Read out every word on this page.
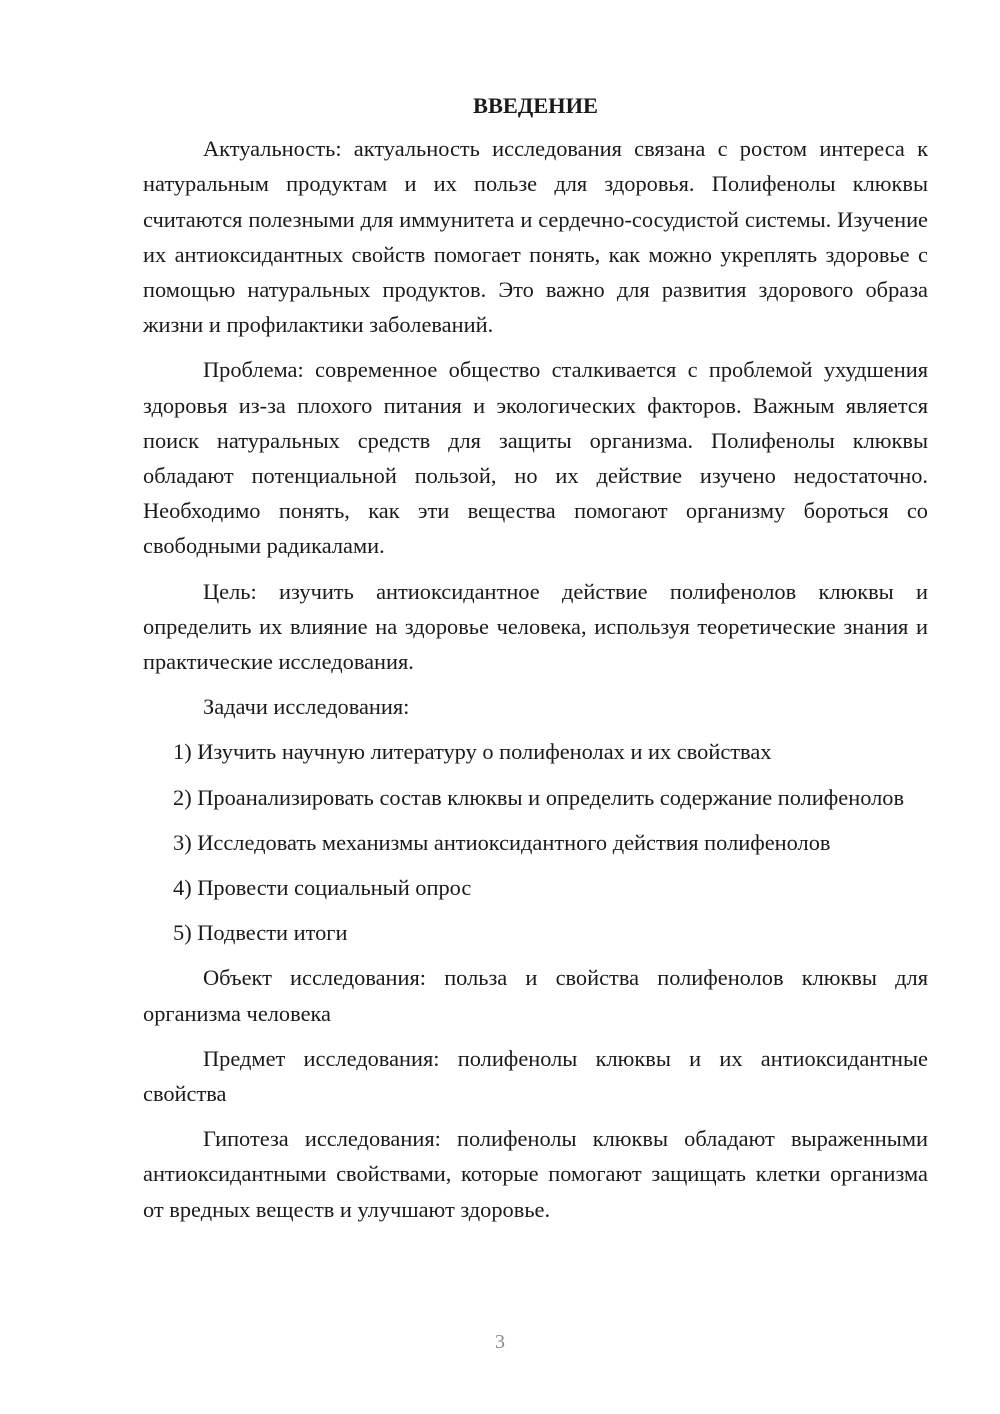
ВВЕДЕНИЕ

Актуальность: актуальность исследования связана с ростом интереса к натуральным продуктам и их пользе для здоровья. Полифенолы клюквы считаются полезными для иммунитета и сердечно-сосудистой системы. Изучение их антиоксидантных свойств помогает понять, как можно укреплять здоровье с помощью натуральных продуктов. Это важно для развития здорового образа жизни и профилактики заболеваний.

Проблема: современное общество сталкивается с проблемой ухудшения здоровья из-за плохого питания и экологических факторов. Важным является поиск натуральных средств для защиты организма. Полифенолы клюквы обладают потенциальной пользой, но их действие изучено недостаточно. Необходимо понять, как эти вещества помогают организму бороться со свободными радикалами.

Цель: изучить антиоксидантное действие полифенолов клюквы и определить их влияние на здоровье человека, используя теоретические знания и практические исследования.

Задачи исследования:

1) Изучить научную литературу о полифенолах и их свойствах

2) Проанализировать состав клюквы и определить содержание полифенолов

3) Исследовать механизмы антиоксидантного действия полифенолов

4) Провести социальный опрос

5) Подвести итоги

Объект исследования: польза и свойства полифенолов клюквы для организма человека

Предмет исследования: полифенолы клюквы и их антиоксидантные свойства

Гипотеза исследования: полифенолы клюквы обладают выраженными антиоксидантными свойствами, которые помогают защищать клетки организма от вредных веществ и улучшают здоровье.

3
